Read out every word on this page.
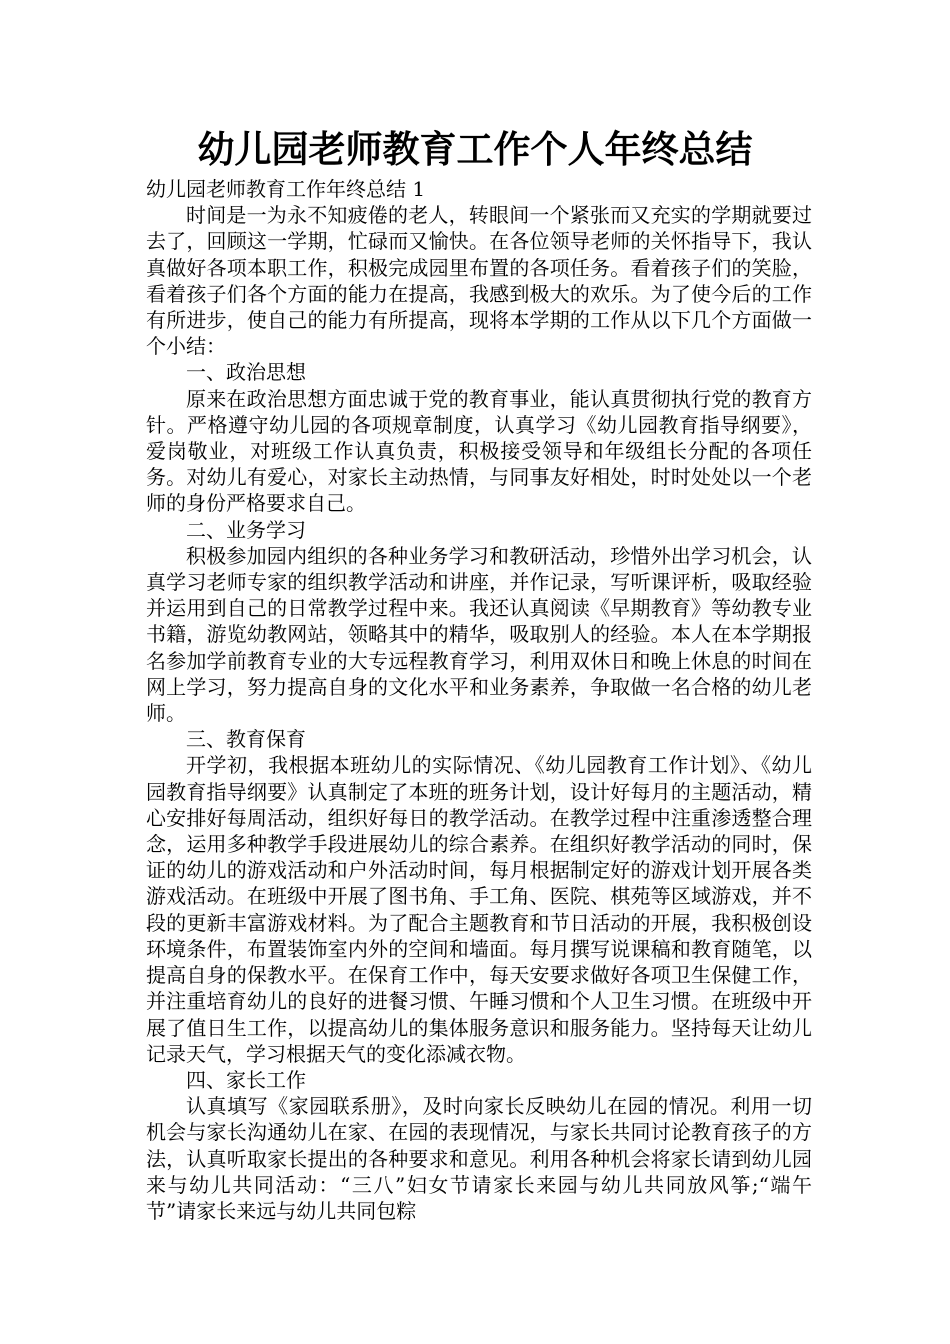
幼儿园老师教育工作个人年终总结

幼儿园老师教育工作年终总结 1

时间是一为永不知疲倦的老人，转眼间一个紧张而又充实的学期就要过去了，回顾这一学期，忙碌而又愉快。在各位领导老师的关怀指导下，我认真做好各项本职工作，积极完成园里布置的各项任务。看着孩子们的笑脸，看着孩子们各个方面的能力在提高，我感到极大的欢乐。为了使今后的工作有所进步，使自己的能力有所提高，现将本学期的工作从以下几个方面做一个小结：

一、政治思想

原来在政治思想方面忠诚于党的教育事业，能认真贯彻执行党的教育方针。严格遵守幼儿园的各项规章制度，认真学习《幼儿园教育指导纲要》，爱岗敬业，对班级工作认真负责，积极接受领导和年级组长分配的各项任务。对幼儿有爱心，对家长主动热情，与同事友好相处，时时处处以一个老师的身份严格要求自己。

二、业务学习

积极参加园内组织的各种业务学习和教研活动，珍惜外出学习机会，认真学习老师专家的组织教学活动和讲座，并作记录，写听课评析，吸取经验并运用到自己的日常教学过程中来。我还认真阅读《早期教育》等幼教专业书籍，游览幼教网站，领略其中的精华，吸取别人的经验。本人在本学期报名参加学前教育专业的大专远程教育学习，利用双休日和晚上休息的时间在网上学习，努力提高自身的文化水平和业务素养，争取做一名合格的幼儿老师。

三、教育保育

开学初，我根据本班幼儿的实际情况、《幼儿园教育工作计划》、《幼儿园教育指导纲要》认真制定了本班的班务计划，设计好每月的主题活动，精心安排好每周活动，组织好每日的教学活动。在教学过程中注重渗透整合理念，运用多种教学手段进展幼儿的综合素养。在组织好教学活动的同时，保证的幼儿的游戏活动和户外活动时间，每月根据制定好的游戏计划开展各类游戏活动。在班级中开展了图书角、手工角、医院、棋苑等区域游戏，并不段的更新丰富游戏材料。为了配合主题教育和节日活动的开展，我积极创设环境条件，布置装饰室内外的空间和墙面。每月撰写说课稿和教育随笔，以提高自身的保教水平。在保育工作中，每天安要求做好各项卫生保健工作，并注重培育幼儿的良好的进餐习惯、午睡习惯和个人卫生习惯。在班级中开展了值日生工作，以提高幼儿的集体服务意识和服务能力。坚持每天让幼儿记录天气，学习根据天气的变化添减衣物。

四、家长工作

认真填写《家园联系册》，及时向家长反映幼儿在园的情况。利用一切机会与家长沟通幼儿在家、在园的表现情况，与家长共同讨论教育孩子的方法，认真听取家长提出的各种要求和意见。利用各种机会将家长请到幼儿园来与幼儿共同活动：“三八”妇女节请家长来园与幼儿共同放风筝;“端午节”请家长来远与幼儿共同包粽
